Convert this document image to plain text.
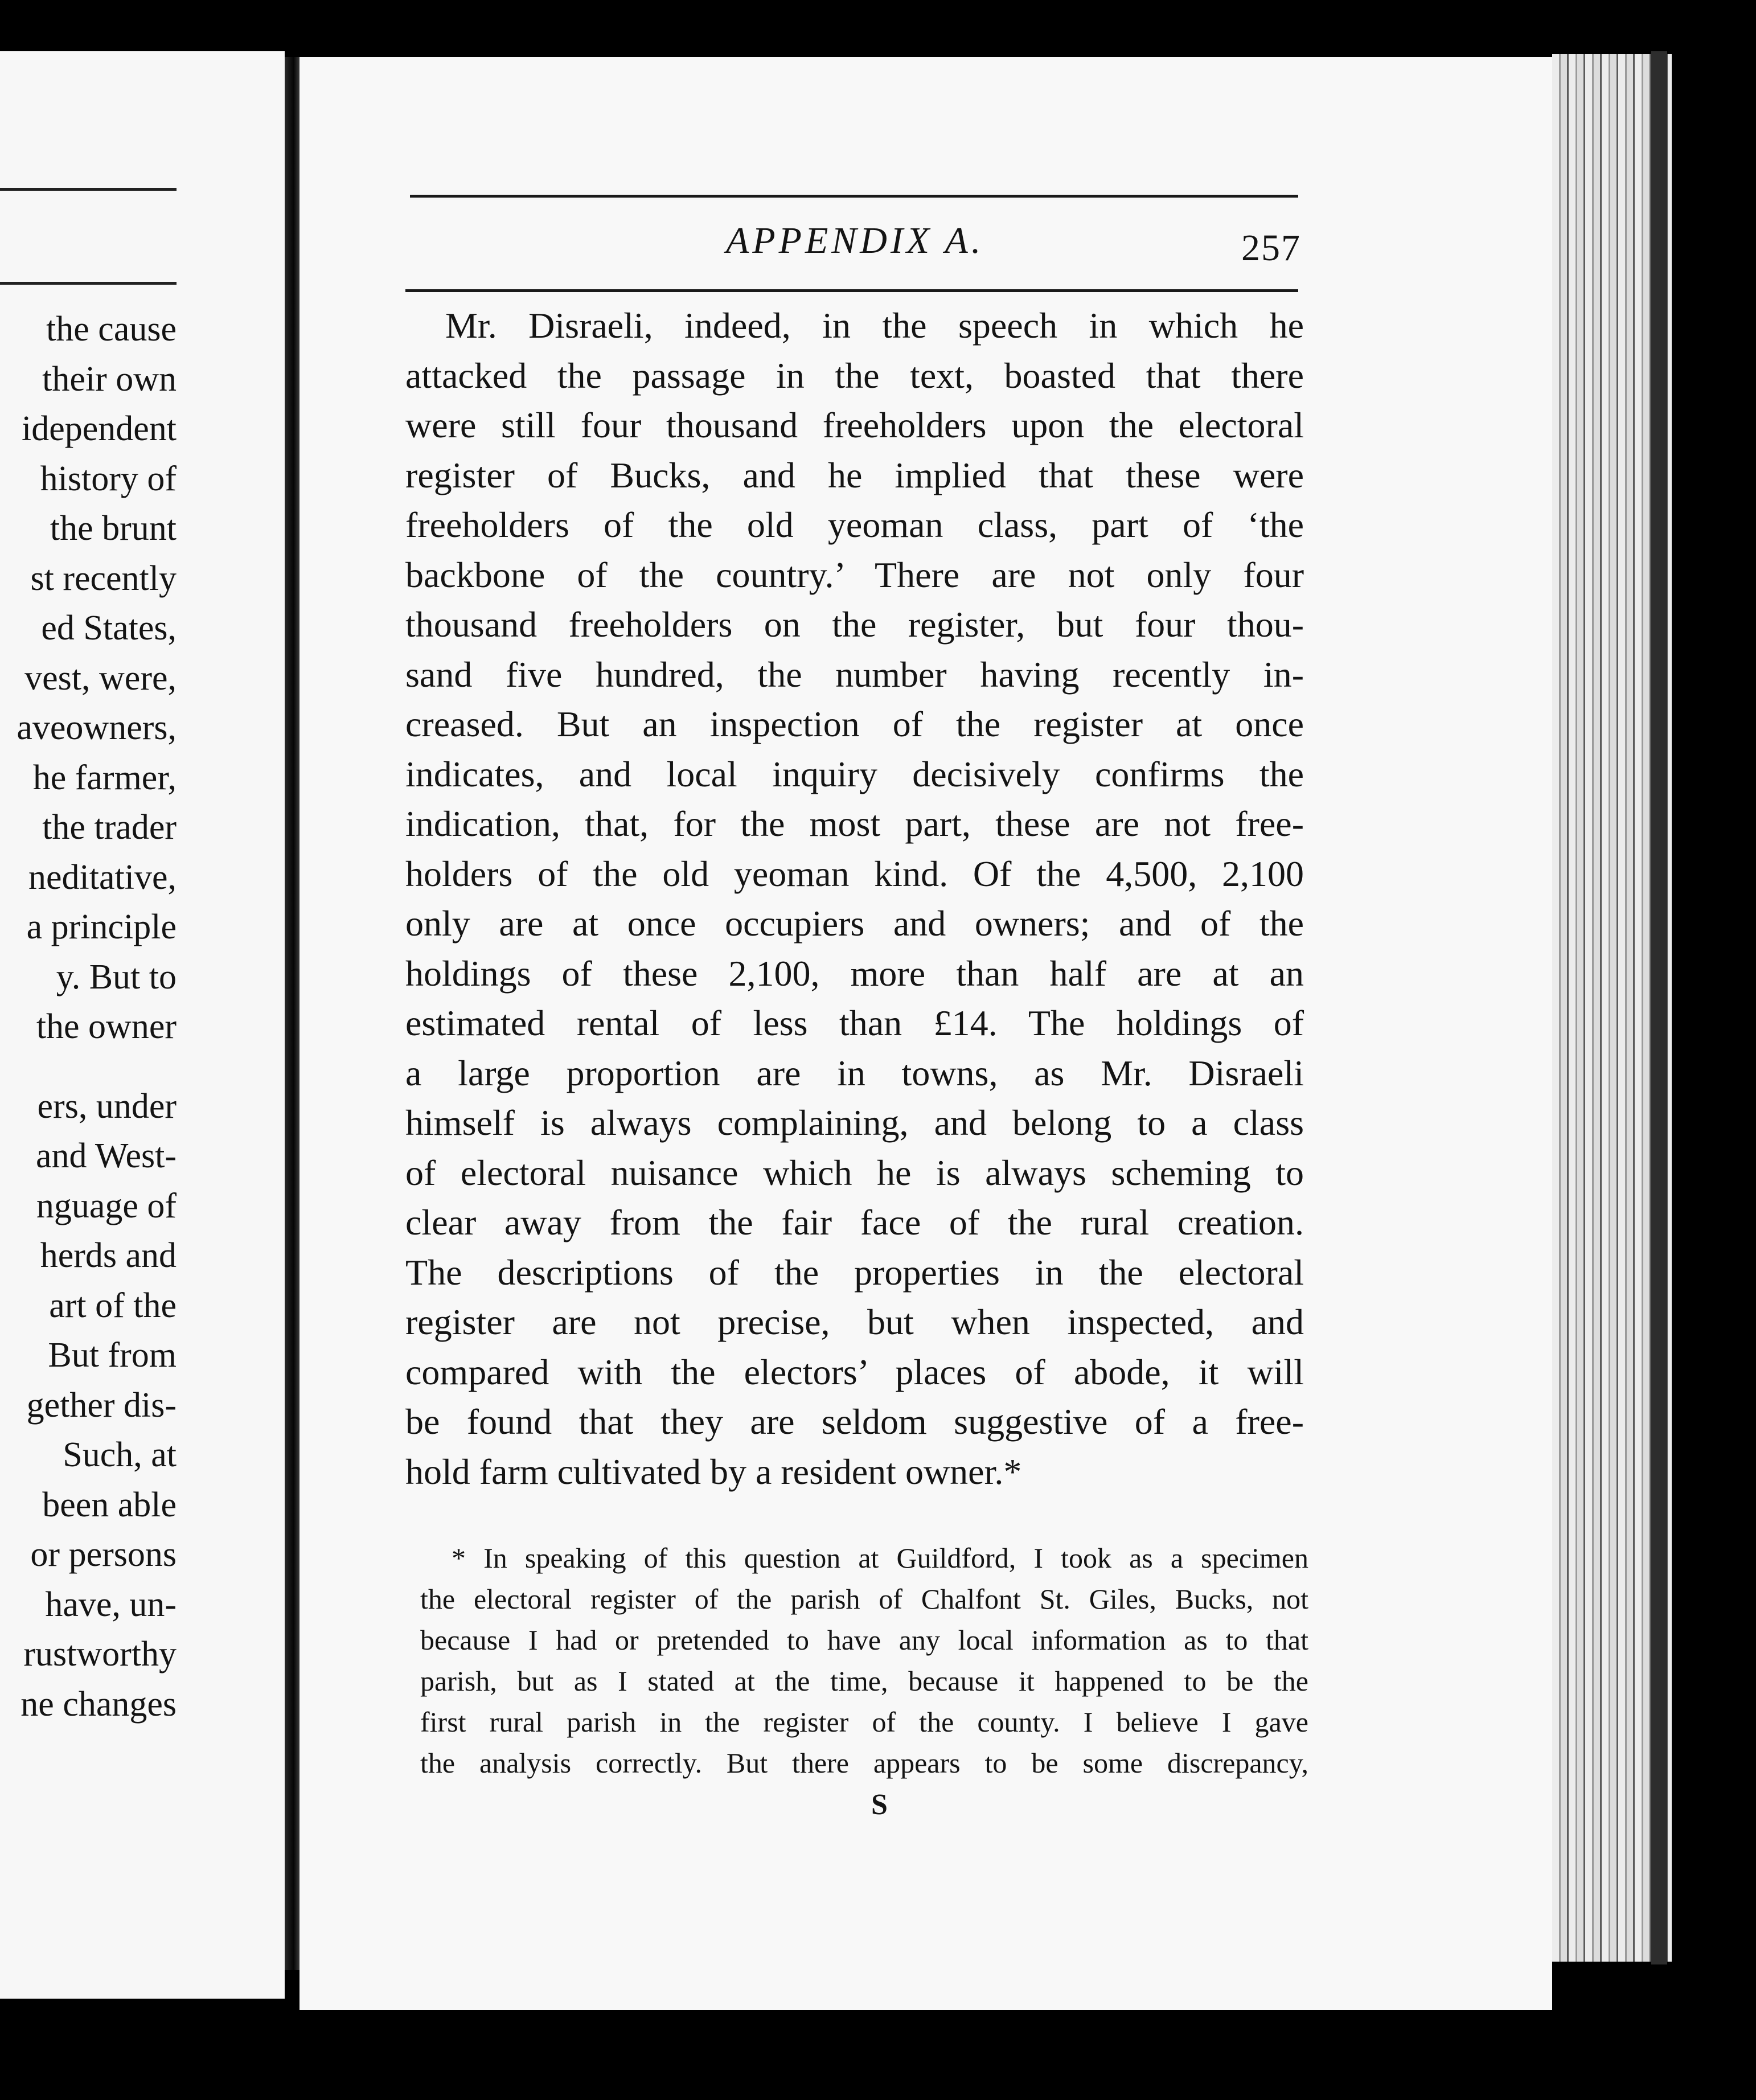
the cause
their own
idependent
history of
the brunt
st recently
ed States,
vest, were,
aveowners,
he farmer,
the trader
neditative,
a principle
y. But to
the owner
ers, under
and West-
nguage of
herds and
art of the
But from
gether dis-
Such, at
been able
or persons
have, un-
rustworthy
ne changes
APPENDIX A.	257
Mr. Disraeli, indeed, in the speech in which he
attacked the passage in the text, boasted that there
were still four thousand freeholders upon the electoral
register of Bucks, and he implied that these were
freeholders of the old yeoman class, part of ‘the
backbone of the country.’ There are not only four
thousand freeholders on the register, but four thou-
sand five hundred, the number having recently in-
creased. But an inspection of the register at once
indicates, and local inquiry decisively confirms the
indication, that, for the most part, these are not free-
holders of the old yeoman kind. Of the 4,500, 2,100
only are at once occupiers and owners; and of the
holdings of these 2,100, more than half are at an
estimated rental of less than £14. The holdings of
a large proportion are in towns, as Mr. Disraeli
himself is always complaining, and belong to a class
of electoral nuisance which he is always scheming to
clear away from the fair face of the rural creation.
The descriptions of the properties in the electoral
register are not precise, but when inspected, and
compared with the electors’ places of abode, it will
be found that they are seldom suggestive of a free-
hold farm cultivated by a resident owner.*
* In speaking of this question at Guildford, I took as a specimen
the electoral register of the parish of Chalfont St. Giles, Bucks, not
because I had or pretended to have any local information as to that
parish, but as I stated at the time, because it happened to be the
first rural parish in the register of the county. I believe I gave
the analysis correctly. But there appears to be some discrepancy,
S
